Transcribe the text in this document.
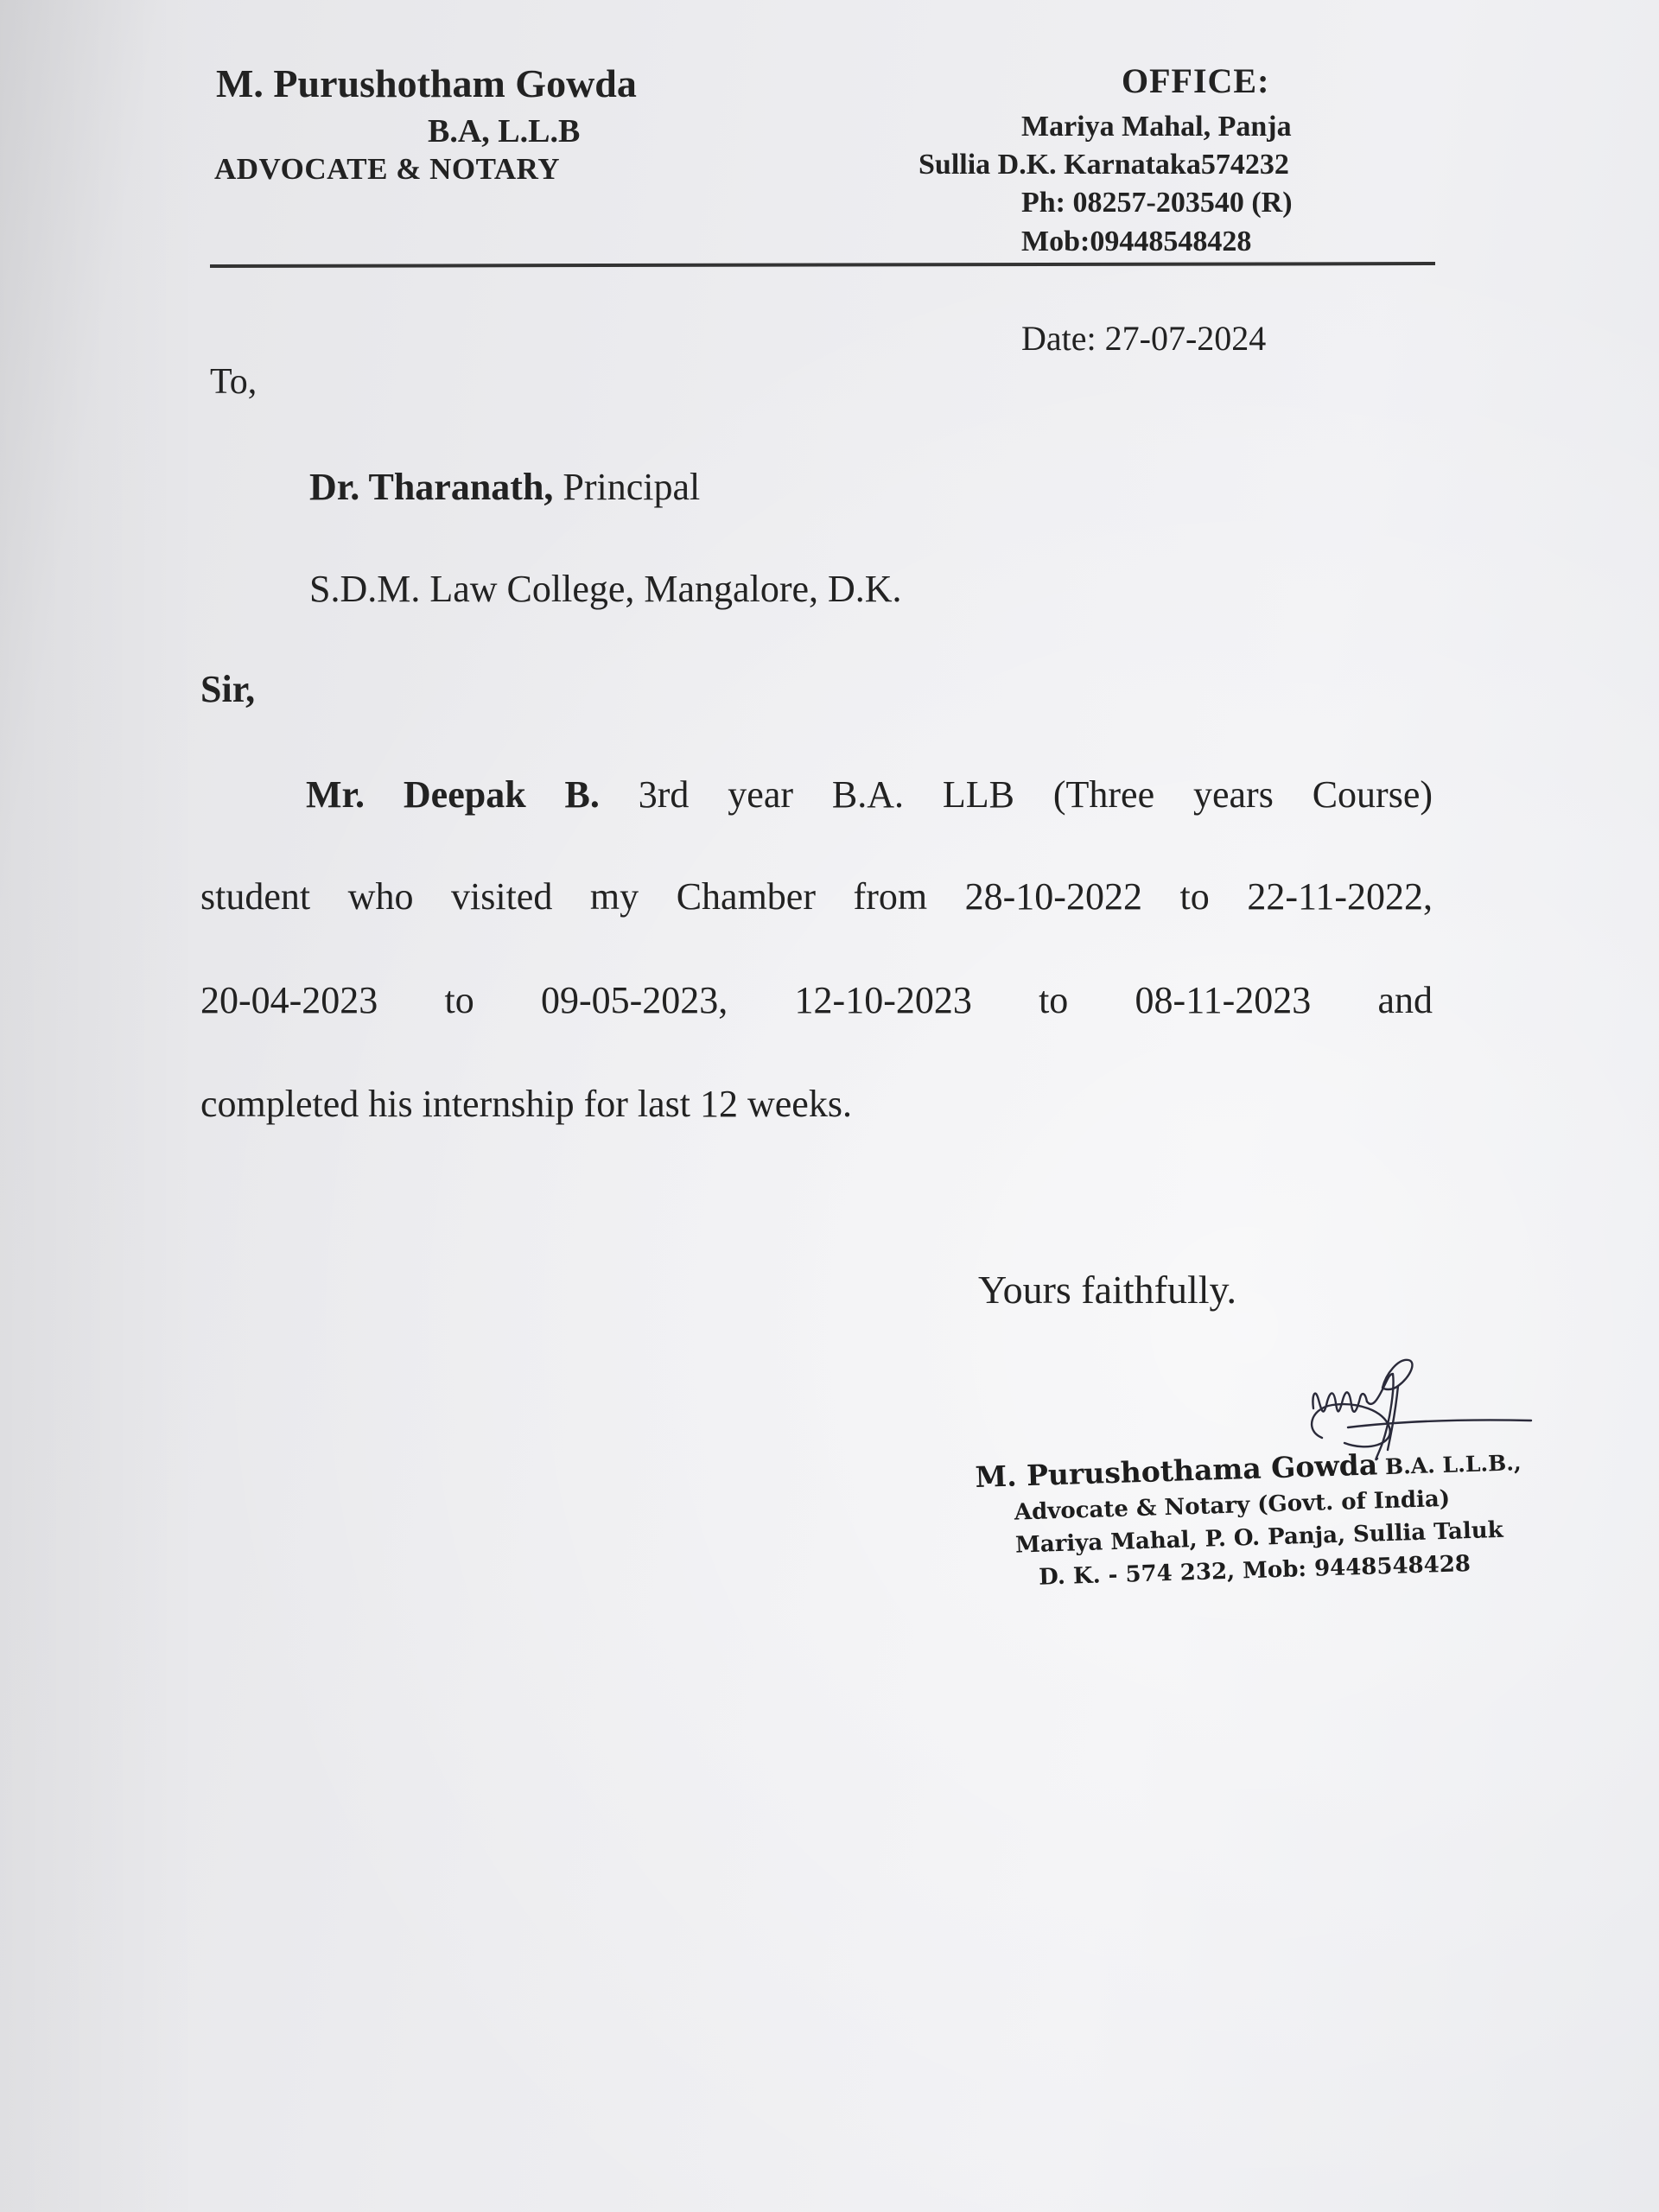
M. Purushotham Gowda
B.A, L.L.B
ADVOCATE & NOTARY
OFFICE:
Mariya Mahal, Panja
Sullia D.K. Karnataka574232
Ph: 08257-203540 (R)
Mob:09448548428
Date: 27-07-2024
To,
Dr. Tharanath, Principal
S.D.M. Law College, Mangalore, D.K.
Sir,
Mr. Deepak B. 3rd year B.A. LLB (Three years Course)
student who visited my Chamber from 28-10-2022 to 22-11-2022,
20-04-2023 to 09-05-2023, 12-10-2023 to 08-11-2023 and
completed his internship for last 12 weeks.
Yours faithfully.
M. Purushothama Gowda B.A. L.L.B.,
Advocate & Notary (Govt. of India)
Mariya Mahal, P. O. Panja, Sullia Taluk
D. K. - 574 232, Mob: 9448548428
